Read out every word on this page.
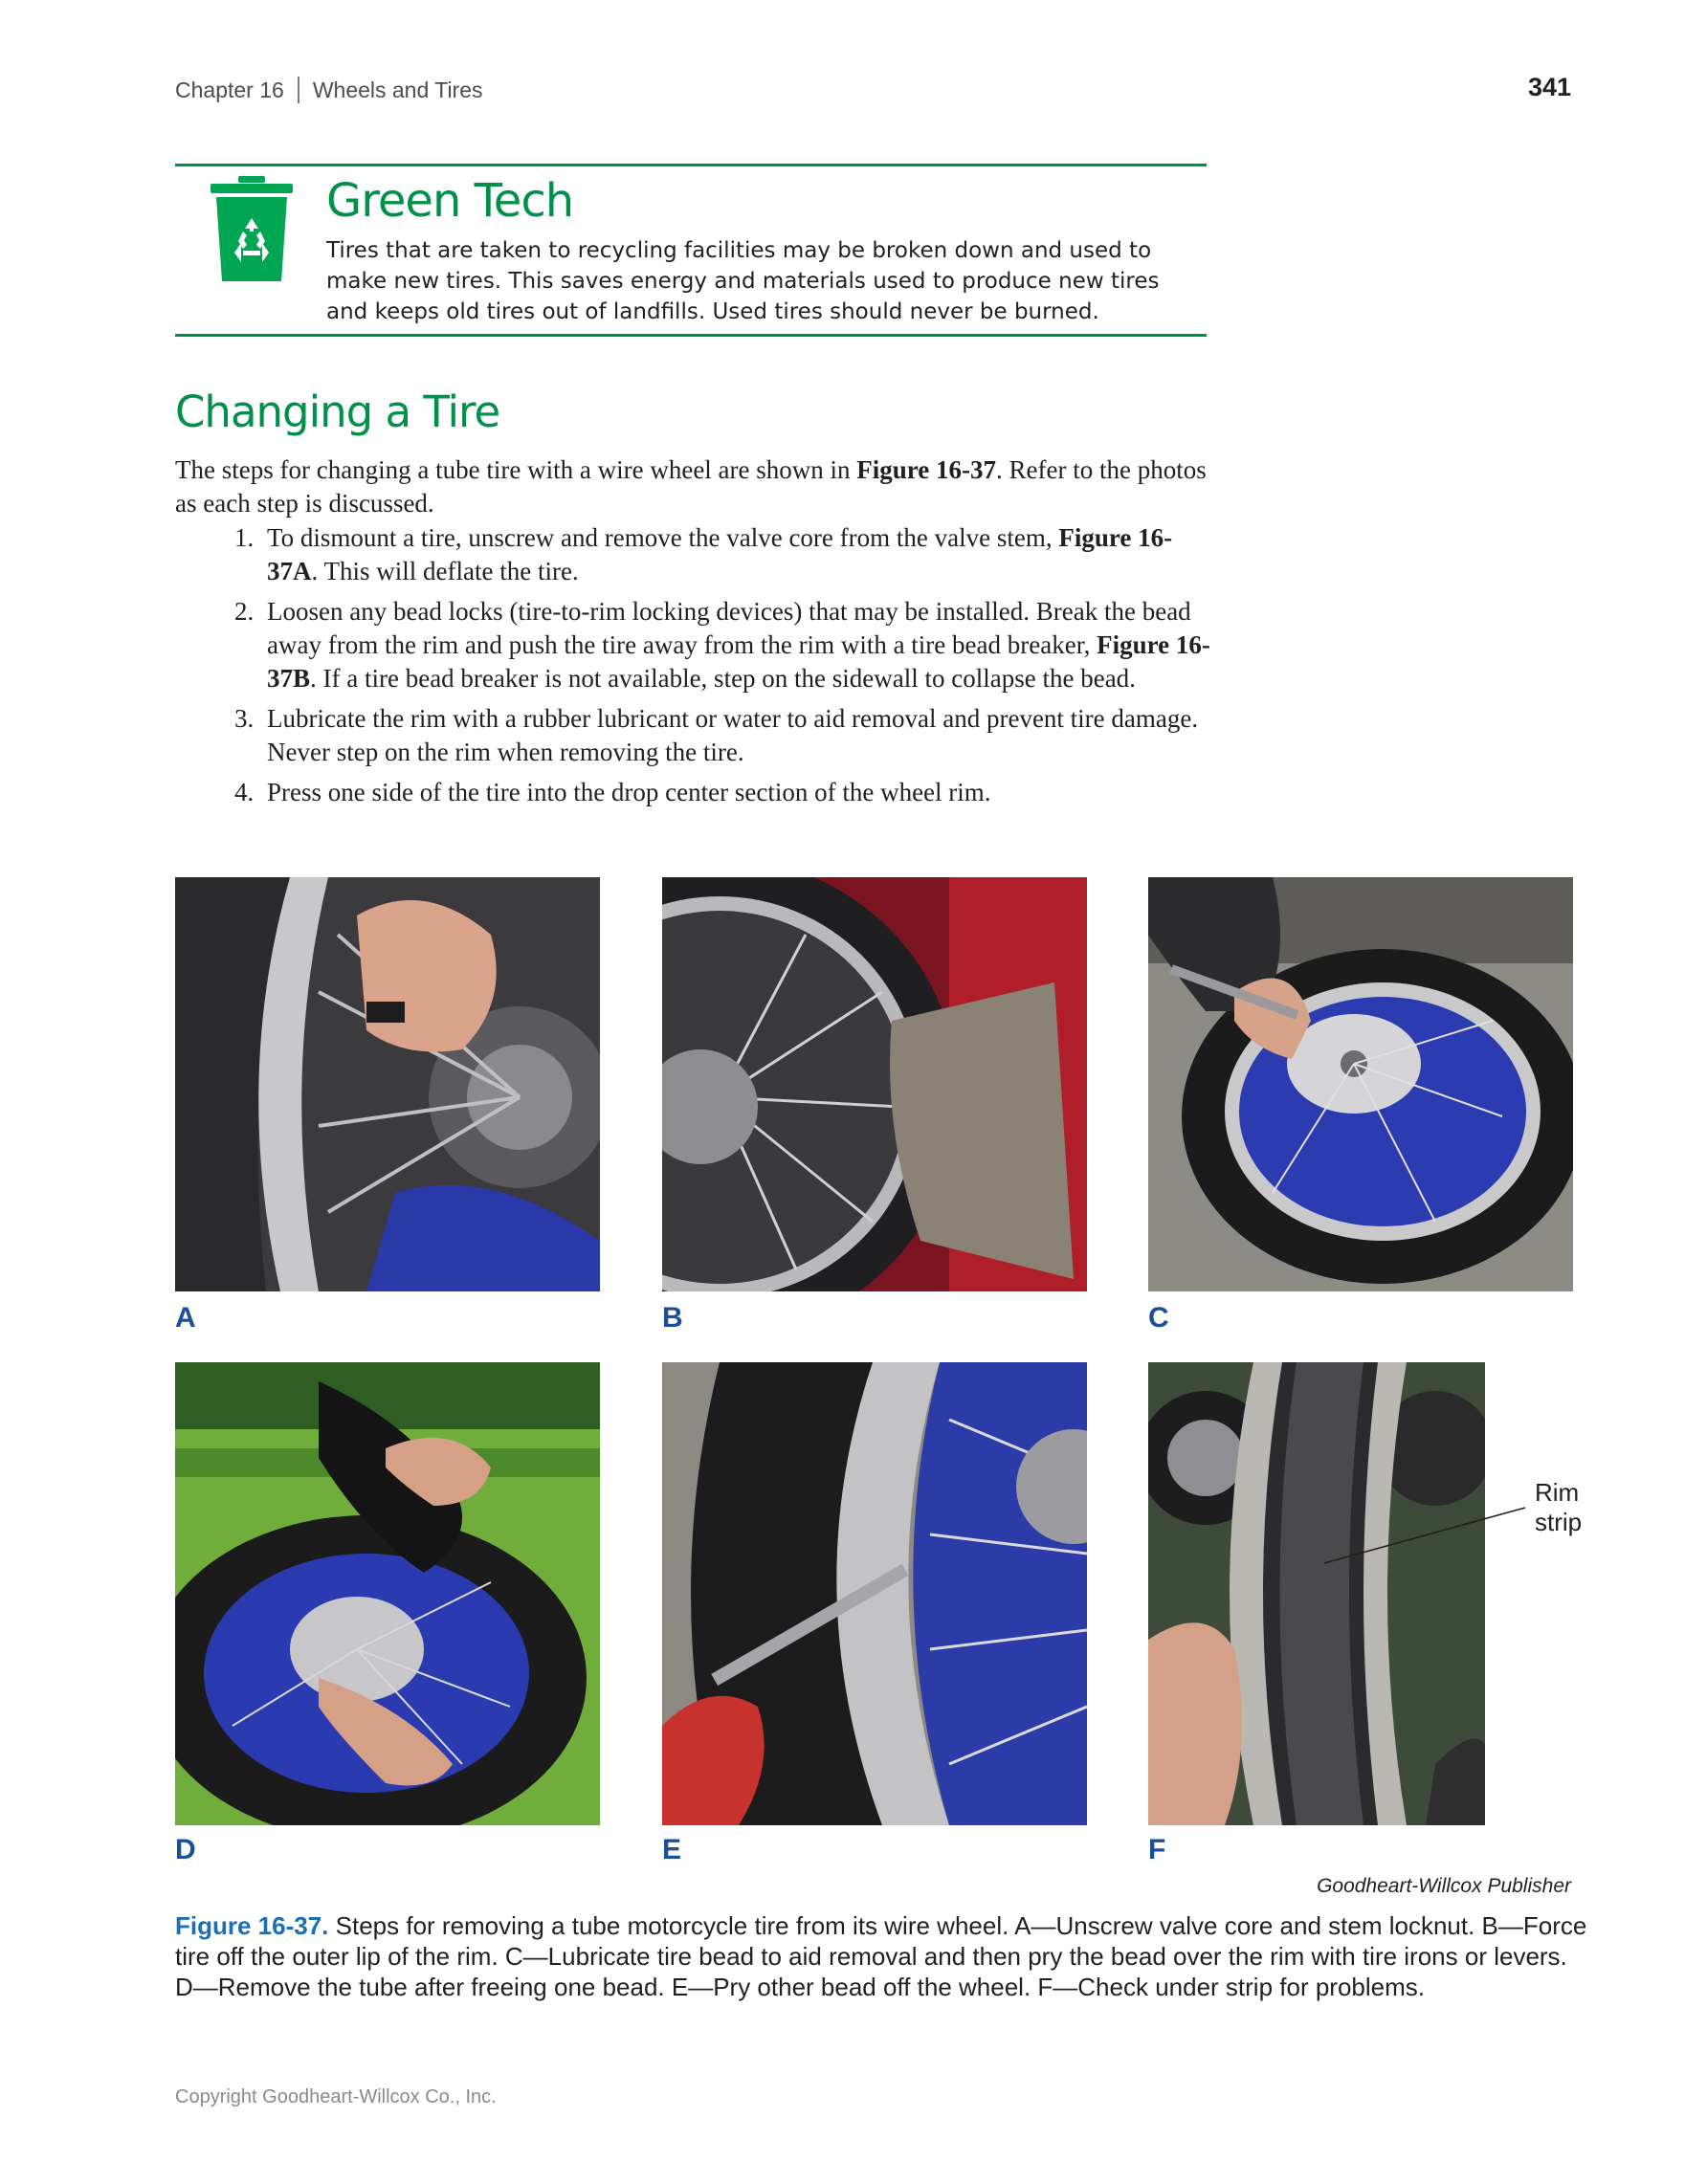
Chapter 16 Wheels and Tires	341
Green Tech
Tires that are taken to recycling facilities may be broken down and used to
make new tires. This saves energy and materials used to produce new tires
and keeps old tires out of landfills. Used tires should never be burned.
Changing a Tire
The steps for changing a tube tire with a wire wheel are shown in Figure 16-37. Refer to the photos as each step is discussed.
1. To dismount a tire, unscrew and remove the valve core from the valve stem, Figure 16-37A. This will deflate the tire.
2. Loosen any bead locks (tire-to-rim locking devices) that may be installed. Break the bead away from the rim and push the tire away from the rim with a tire bead breaker, Figure 16-37B. If a tire bead breaker is not available, step on the sidewall to collapse the bead.
3. Lubricate the rim with a rubber lubricant or water to aid removal and prevent tire damage. Never step on the rim when removing the tire.
4. Press one side of the tire into the drop center section of the wheel rim.
A	B	C
D	E	F
Rim
strip
Goodheart-Willcox Publisher
Figure 16-37. Steps for removing a tube motorcycle tire from its wire wheel. A—Unscrew valve core and stem locknut. B—Force tire off the outer lip of the rim. C—Lubricate tire bead to aid removal and then pry the bead over the rim with tire irons or levers. D—Remove the tube after freeing one bead. E—Pry other bead off the wheel. F—Check under strip for problems.
Copyright Goodheart-Willcox Co., Inc.
